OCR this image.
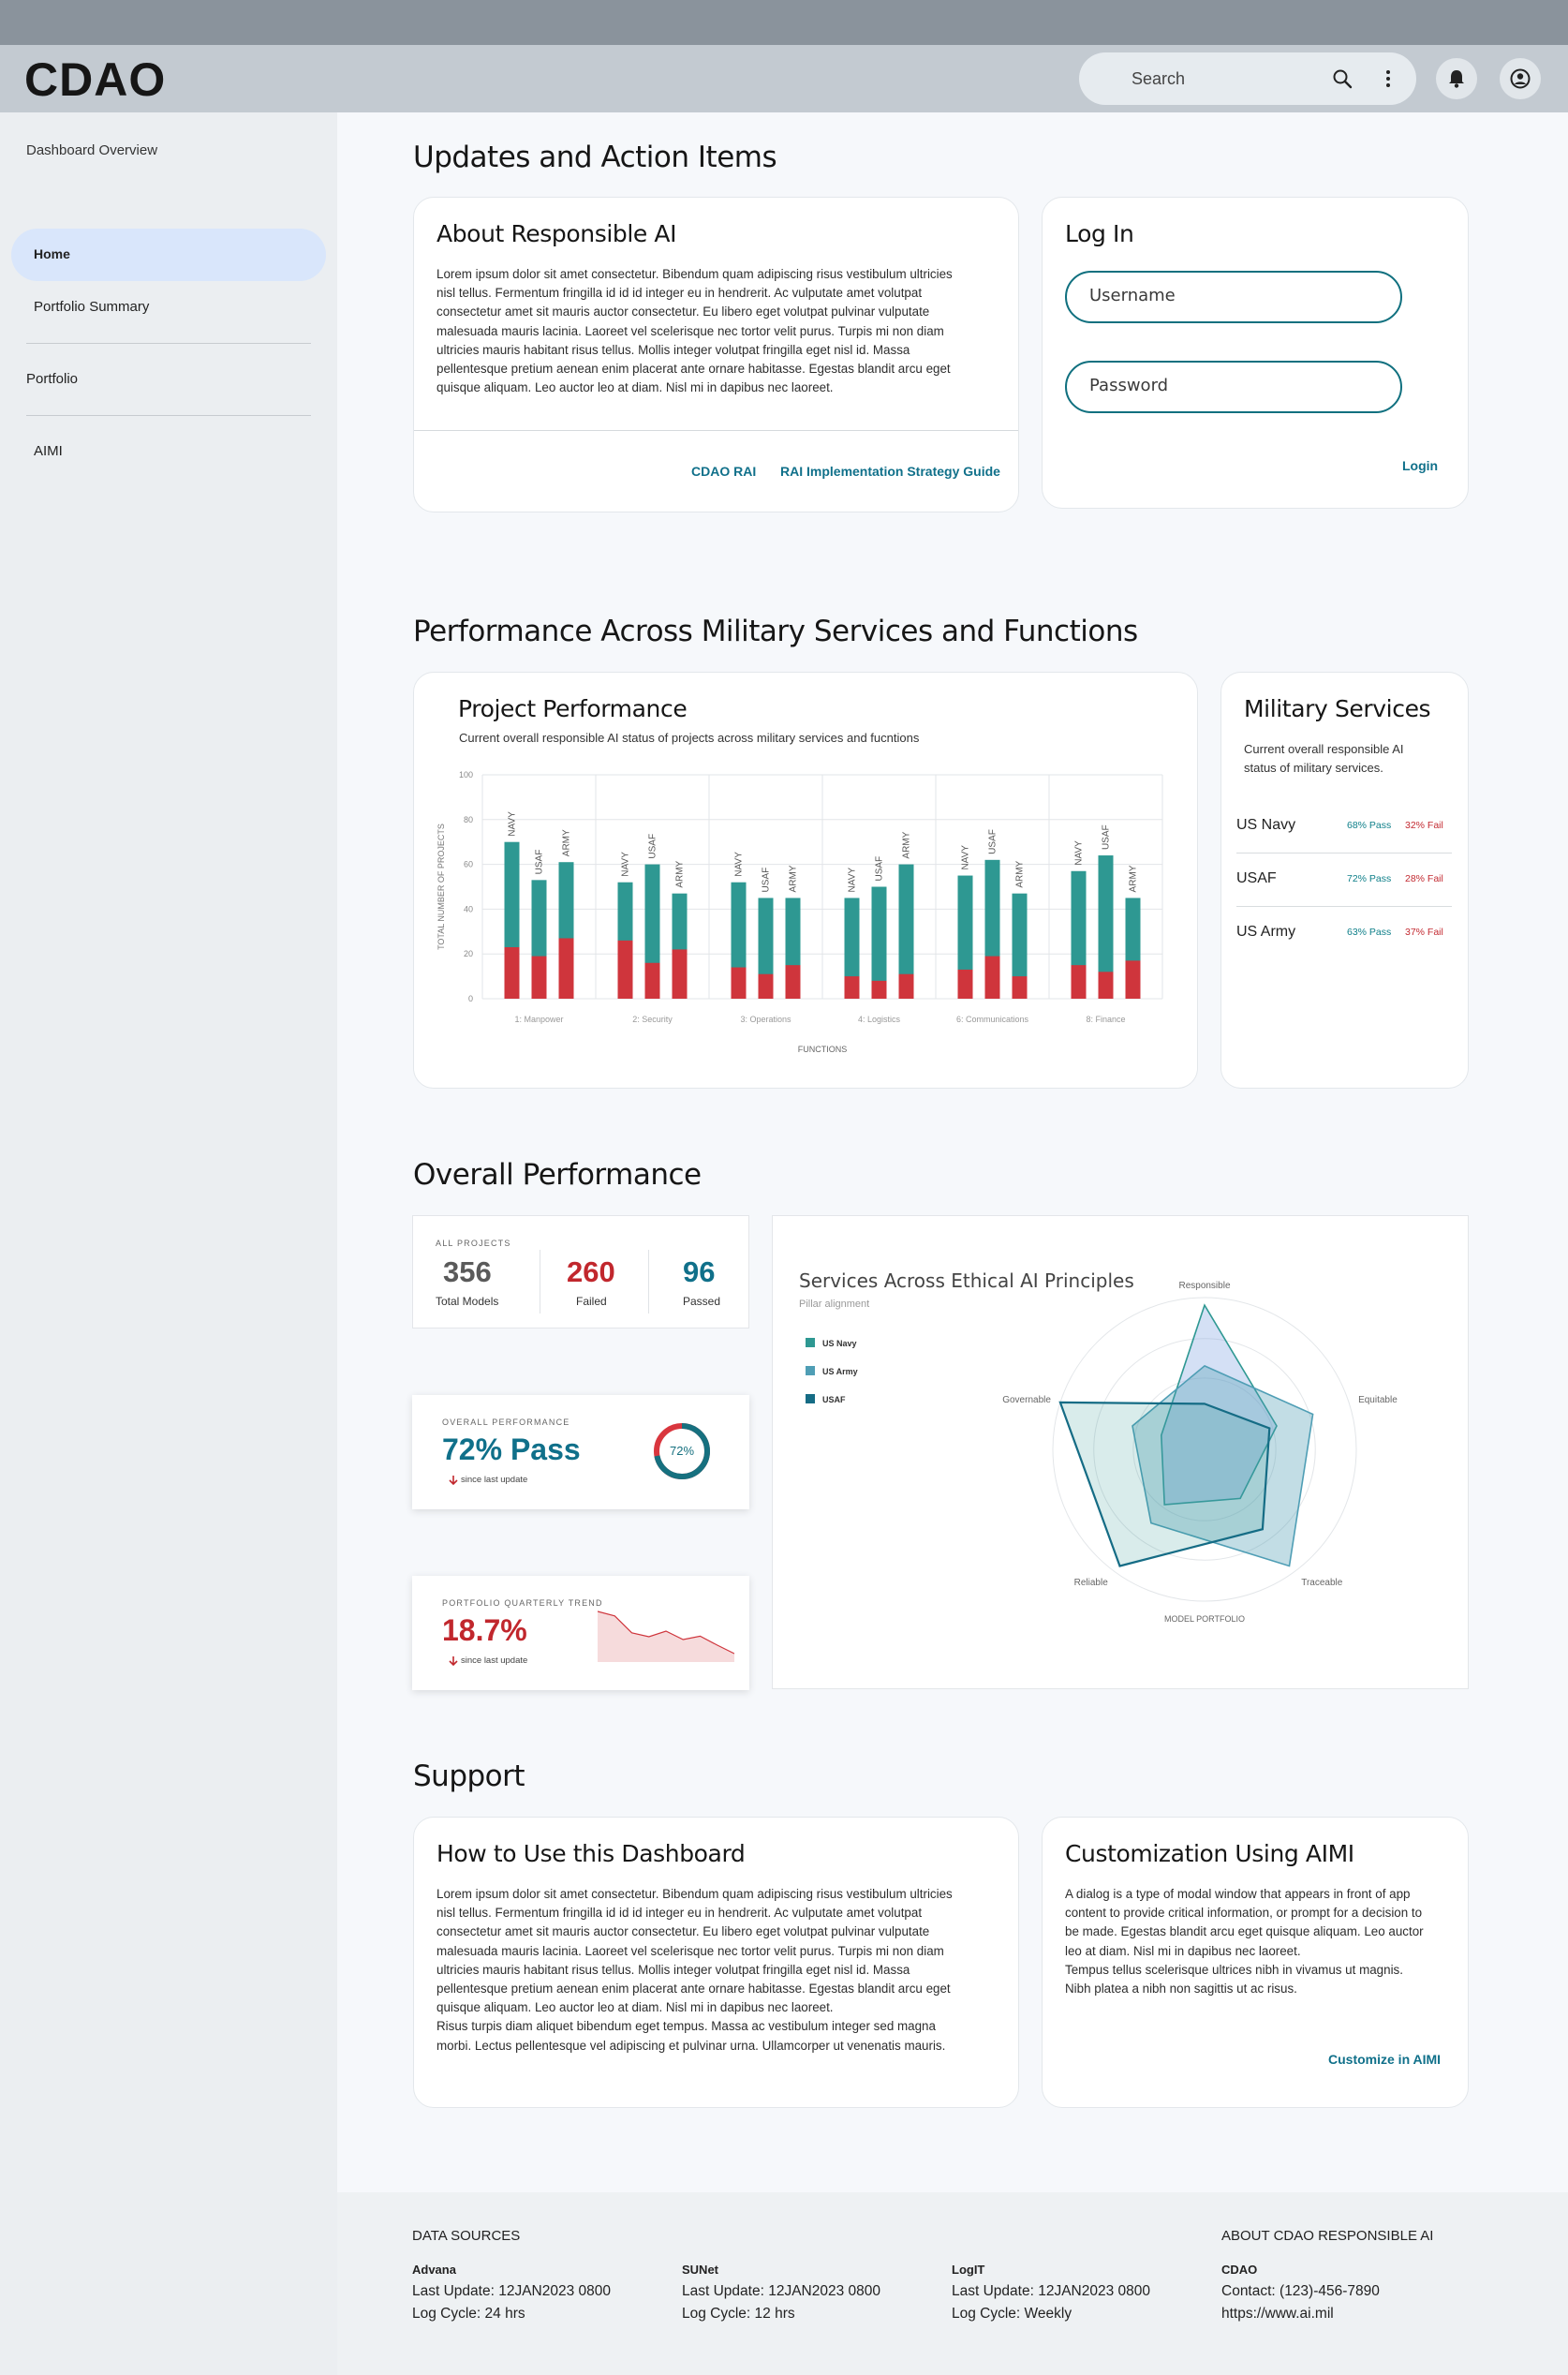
CDAO	Search
Dashboard Overview
Home
Portfolio Summary
Portfolio
AIMI
Updates and Action Items
About Responsible AI
Lorem ipsum dolor sit amet consectetur. Bibendum quam adipiscing risus vestibulum ultricies
nisl tellus. Fermentum fringilla id id id integer eu in hendrerit. Ac vulputate amet volutpat
consectetur amet sit mauris auctor consectetur. Eu libero eget volutpat pulvinar vulputate
malesuada mauris lacinia. Laoreet vel scelerisque nec tortor velit purus. Turpis mi non diam
ultricies mauris habitant risus tellus. Mollis integer volutpat fringilla eget nisl id. Massa
pellentesque pretium aenean enim placerat ante ornare habitasse. Egestas blandit arcu eget
quisque aliquam. Leo auctor leo at diam. Nisl mi in dapibus nec laoreet.
CDAO RAI RAI Implementation Strategy Guide
Log In
Username
Login
Performance Across Military Services and Functions
Project Performance
Current overall responsible AI status of projects across military services and fucntions
0
20
40
60
80
100
TOTAL NUMBER OF PROJECTS
FUNCTIONS
1: Manpower
NAVY
USAF
ARMY
2: Security
NAVY
USAF
ARMY
3: Operations
NAVY
USAF ARMY
4: Logistics
NAVY USAF
ARMY
6: Communications
NAVY
USAF
ARMY
8: Finance
NAVY
USAF
ARMY
Military Services
Current overall responsible AI
status of military services.
US Navy	68% Pass 32% Fail
USAF	72% Pass 28% Fail
US Army	63% Pass 37% Fail
Overall Performance
ALL PROJECTS
356
Total Models
260
Failed
96
Passed
OVERALL PERFORMANCE
72% Pass
since last update
72%
PORTFOLIO QUARTERLY TREND
18.7%
since last update
Services Across Ethical AI Principles
Pillar alignment
Responsible
Equitable
Traceable
Reliable
Governable
US Navy
US Army
USAF
MODEL PORTFOLIO
Support
How to Use this Dashboard
Lorem ipsum dolor sit amet consectetur. Bibendum quam adipiscing risus vestibulum ultricies
nisl tellus. Fermentum fringilla id id id integer eu in hendrerit. Ac vulputate amet volutpat
consectetur amet sit mauris auctor consectetur. Eu libero eget volutpat pulvinar vulputate
malesuada mauris lacinia. Laoreet vel scelerisque nec tortor velit purus. Turpis mi non diam
ultricies mauris habitant risus tellus. Mollis integer volutpat fringilla eget nisl id. Massa
pellentesque pretium aenean enim placerat ante ornare habitasse. Egestas blandit arcu eget
quisque aliquam. Leo auctor leo at diam. Nisl mi in dapibus nec laoreet.
Risus turpis diam aliquet bibendum eget tempus. Massa ac vestibulum integer sed magna
morbi. Lectus pellentesque vel adipiscing et pulvinar urna. Ullamcorper ut venenatis mauris.
Customization Using AIMI
A dialog is a type of modal window that appears in front of app
content to provide critical information, or prompt for a decision to
be made. Egestas blandit arcu eget quisque aliquam. Leo auctor
leo at diam. Nisl mi in dapibus nec laoreet.
Tempus tellus scelerisque ultrices nibh in vivamus ut magnis.
Nibh platea a nibh non sagittis ut ac risus.
Customize in AIMI
DATA SOURCES
Advana
Last Update: 12JAN2023 0800
Log Cycle: 24 hrs
SUNet
Last Update: 12JAN2023 0800
Log Cycle: 12 hrs
LogIT
Last Update: 12JAN2023 0800
Log Cycle: Weekly
ABOUT CDAO RESPONSIBLE AI
CDAO
Contact: (123)-456-7890
https://www.ai.mil
